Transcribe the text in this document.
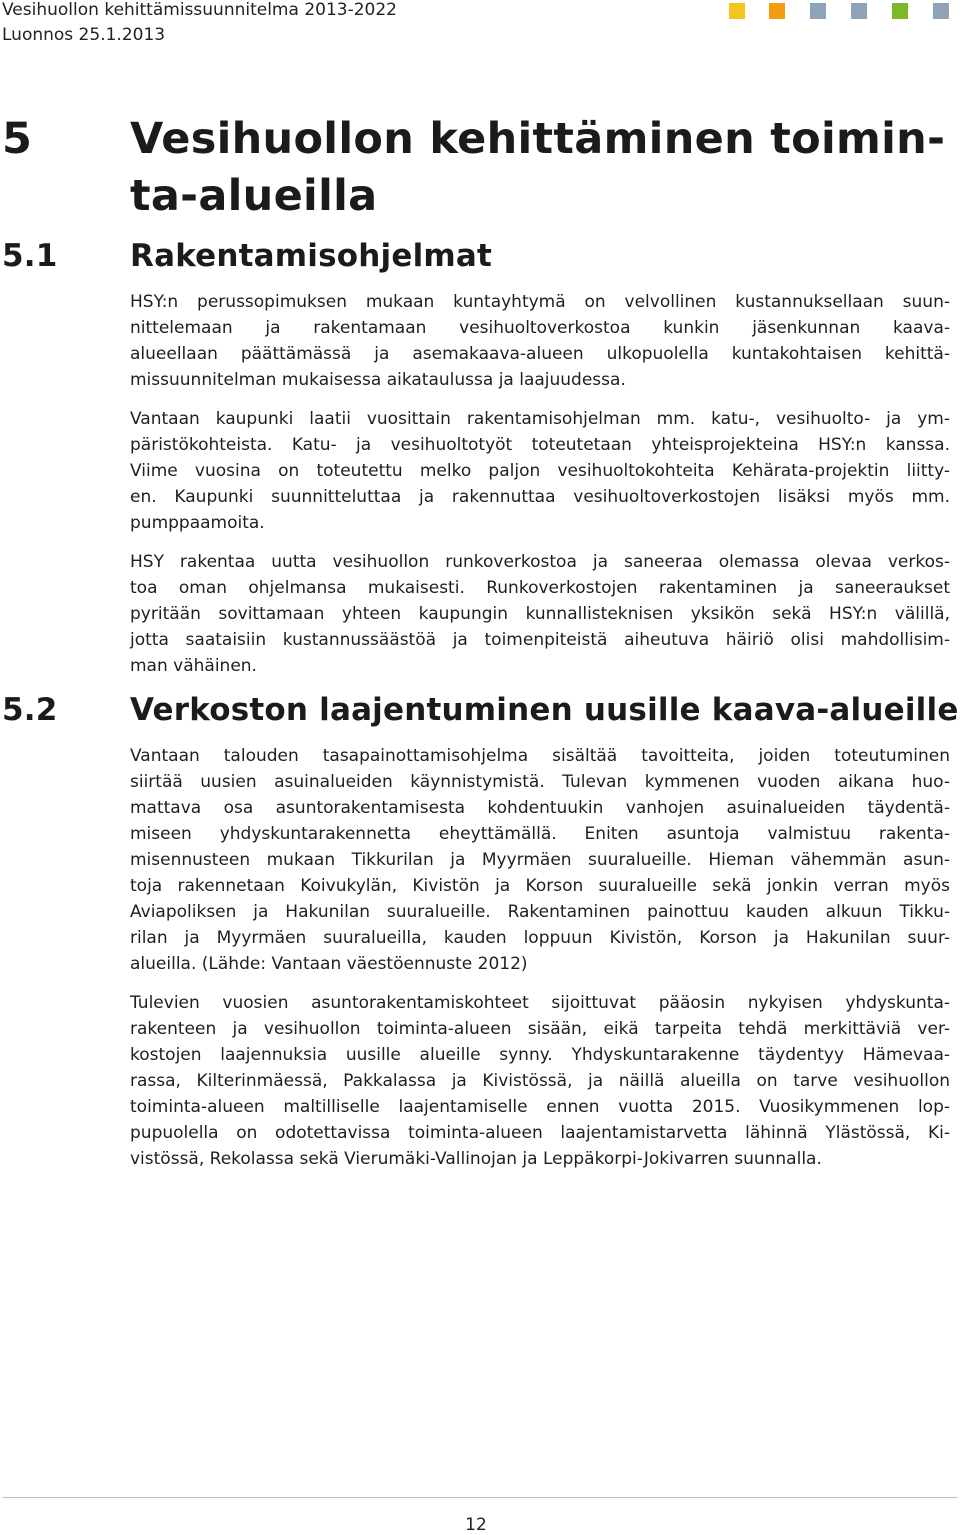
Vesihuollon kehittämissuunnitelma 2013-2022
Luonnos 25.1.2013
5 Vesihuollon kehittäminen toimin-
ta-alueilla
5.1 Rakentamisohjelmat
HSY:n perussopimuksen mukaan kuntayhtymä on velvollinen kustannuksellaan suun-
nittelemaan ja rakentamaan vesihuoltoverkostoa kunkin jäsenkunnan kaava-
alueellaan päättämässä ja asemakaava-alueen ulkopuolella kuntakohtaisen kehittä-
missuunnitelman mukaisessa aikataulussa ja laajuudessa.
Vantaan kaupunki laatii vuosittain rakentamisohjelman mm. katu-, vesihuolto- ja ym-
päristökohteista. Katu- ja vesihuoltotyöt toteutetaan yhteisprojekteina HSY:n kanssa.
Viime vuosina on toteutettu melko paljon vesihuoltokohteita Kehärata-projektin liitty-
en. Kaupunki suunnitteluttaa ja rakennuttaa vesihuoltoverkostojen lisäksi myös mm.
pumppaamoita.
HSY rakentaa uutta vesihuollon runkoverkostoa ja saneeraa olemassa olevaa verkos-
toa oman ohjelmansa mukaisesti. Runkoverkostojen rakentaminen ja saneeraukset
pyritään sovittamaan yhteen kaupungin kunnallisteknisen yksikön sekä HSY:n välillä,
jotta saataisiin kustannussäästöä ja toimenpiteistä aiheutuva häiriö olisi mahdollisim-
man vähäinen.
5.2 Verkoston laajentuminen uusille kaava-alueille
Vantaan talouden tasapainottamisohjelma sisältää tavoitteita, joiden toteutuminen
siirtää uusien asuinalueiden käynnistymistä. Tulevan kymmenen vuoden aikana huo-
mattava osa asuntorakentamisesta kohdentuukin vanhojen asuinalueiden täydentä-
miseen yhdyskuntarakennetta eheyttämällä. Eniten asuntoja valmistuu rakenta-
misennusteen mukaan Tikkurilan ja Myyrmäen suuralueille. Hieman vähemmän asun-
toja rakennetaan Koivukylän, Kivistön ja Korson suuralueille sekä jonkin verran myös
Aviapoliksen ja Hakunilan suuralueille. Rakentaminen painottuu kauden alkuun Tikku-
rilan ja Myyrmäen suuralueilla, kauden loppuun Kivistön, Korson ja Hakunilan suur-
alueilla. (Lähde: Vantaan väestöennuste 2012)
Tulevien vuosien asuntorakentamiskohteet sijoittuvat pääosin nykyisen yhdyskunta-
rakenteen ja vesihuollon toiminta-alueen sisään, eikä tarpeita tehdä merkittäviä ver-
kostojen laajennuksia uusille alueille synny. Yhdyskuntarakenne täydentyy Hämevaa-
rassa, Kilterinmäessä, Pakkalassa ja Kivistössä, ja näillä alueilla on tarve vesihuollon
toiminta-alueen maltilliselle laajentamiselle ennen vuotta 2015. Vuosikymmenen lop-
pupuolella on odotettavissa toiminta-alueen laajentamistarvetta lähinnä Ylästössä, Ki-
vistössä, Rekolassa sekä Vierumäki-Vallinojan ja Leppäkorpi-Jokivarren suunnalla.
12
